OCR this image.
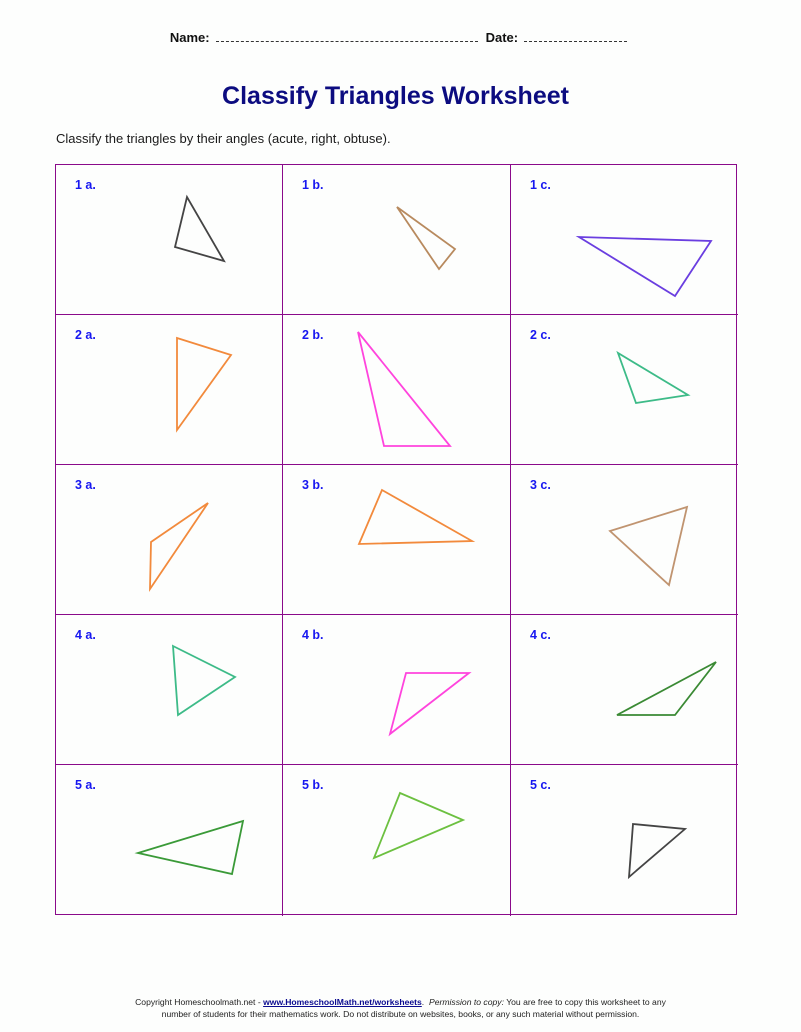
Name:	Date:
Classify Triangles Worksheet

Classify the triangles by their angles (acute, right, obtuse).

1 a.	1 b.	1 c.
2 a.	2 b.	2 c.
3 a.	3 b.	3 c.
4 a.	4 b.	4 c.
5 a.	5 b.	5 c.
Copyright Homeschoolmath.net - www.HomeschoolMath.net/worksheets.  Permission to copy: You are free to copy this worksheet to any
number of students for their mathematics work. Do not distribute on websites, books, or any such material without permission.
